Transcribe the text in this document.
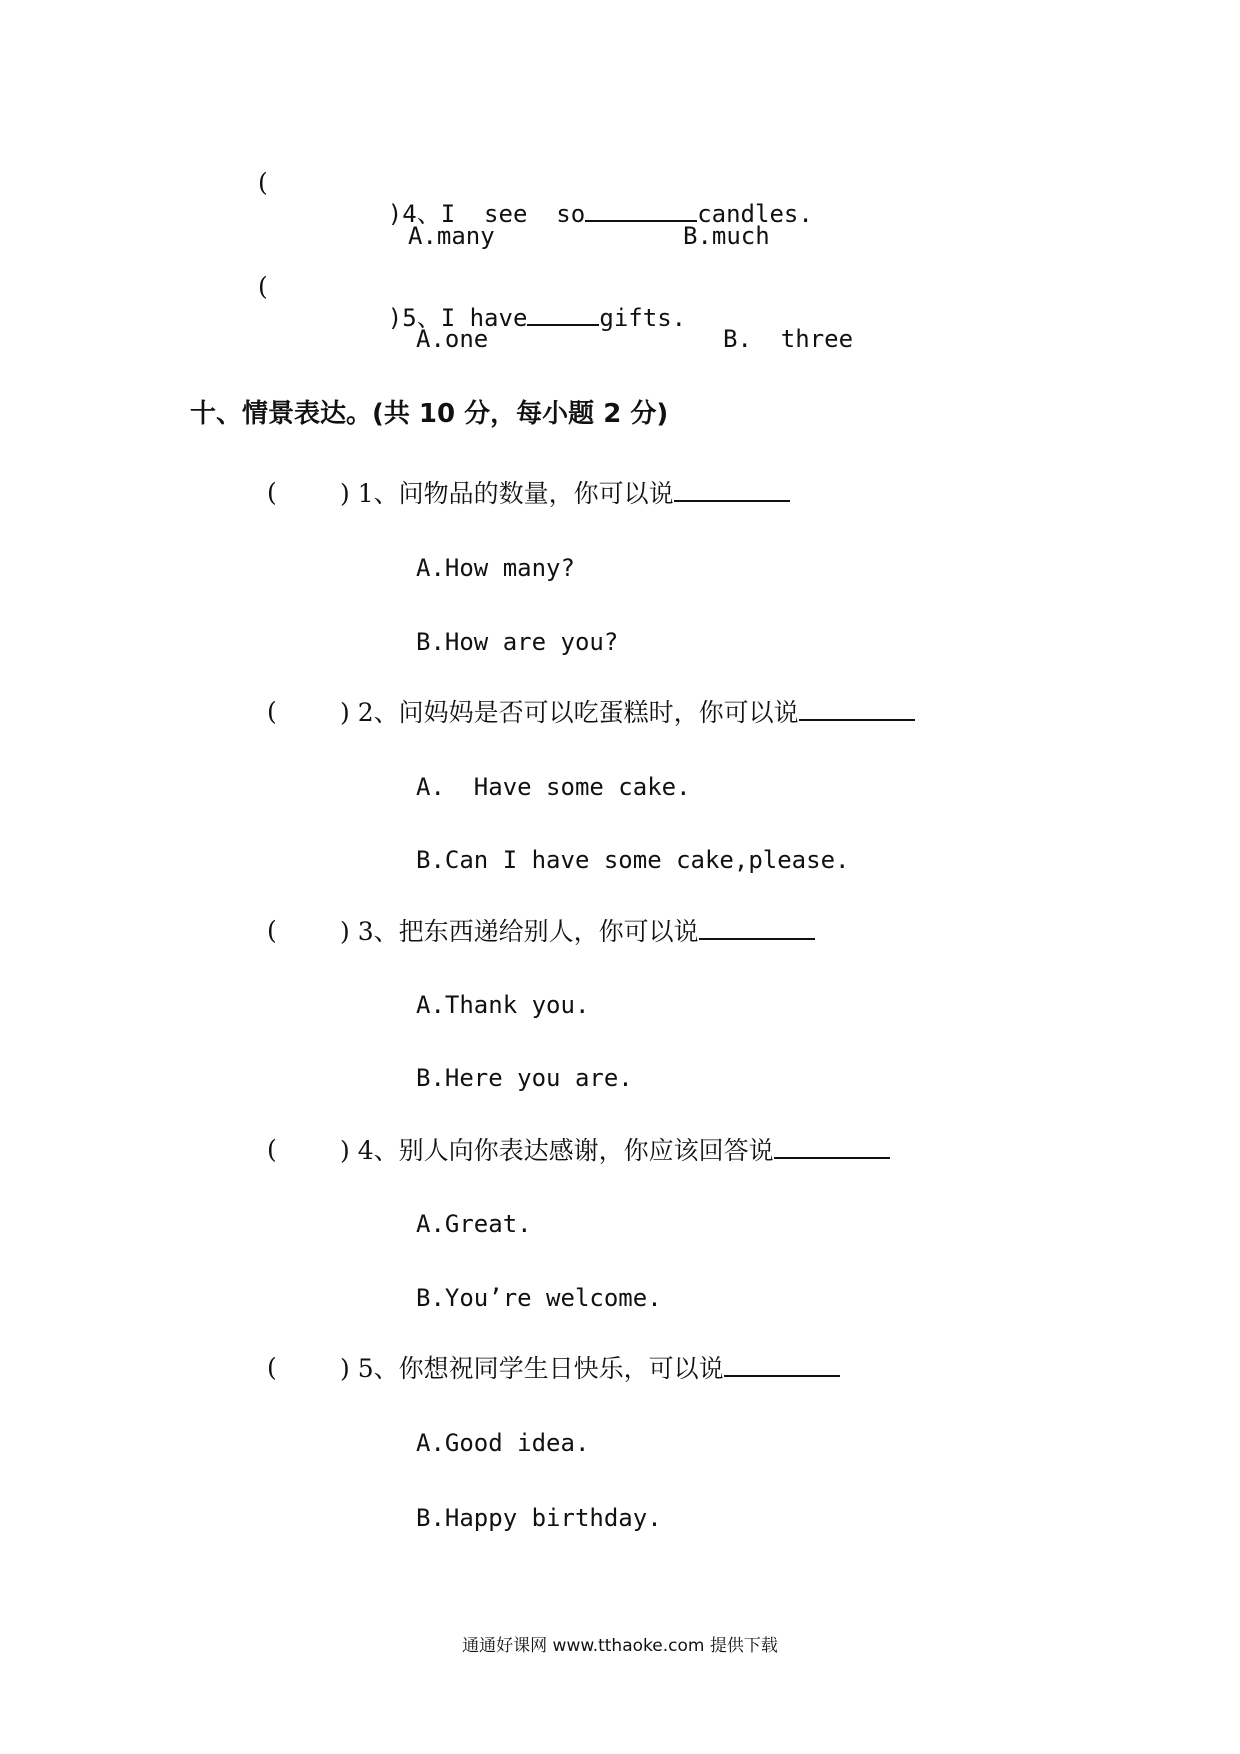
(

)4、I  see  so	candles.

A.many	B.much
(

)5、I have	gifts.

A.one	B.  three
十、情景表达。(共 10 分，每小题 2 分)
(	) 1、问物品的数量，你可以说
A.How many?
B.How are you?
(	) 2、问妈妈是否可以吃蛋糕时，你可以说
A.  Have some cake.
B.Can I have some cake,please.
(	) 3、把东西递给别人，你可以说
A.Thank you.
B.Here you are.
(	) 4、别人向你表达感谢，你应该回答说
A.Great.
B.You’re welcome.
(	) 5、你想祝同学生日快乐，可以说
A.Good idea.
B.Happy birthday.
通通好课网 www.tthaoke.com 提供下载
